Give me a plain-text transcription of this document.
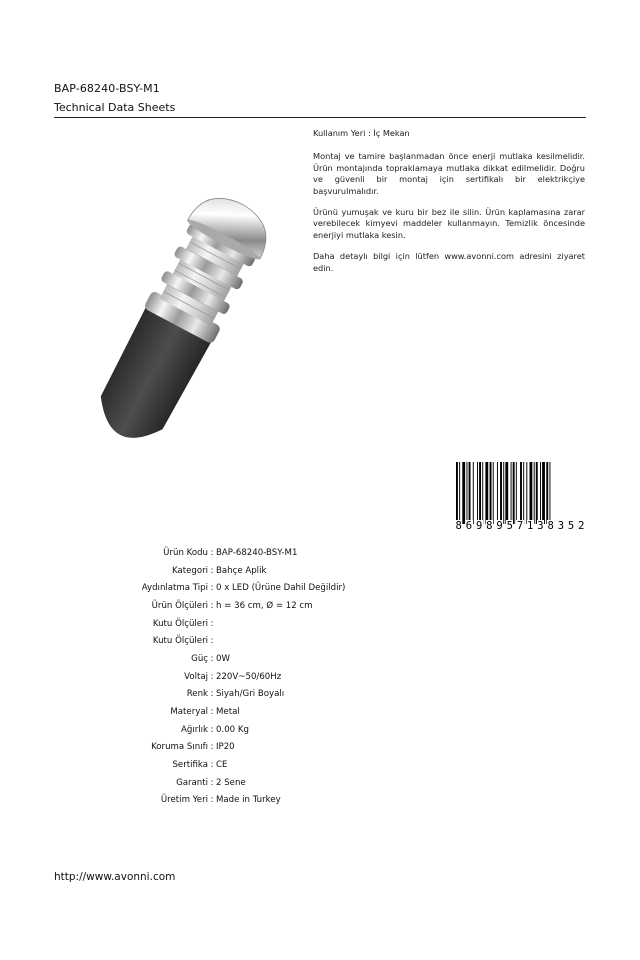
BAP-68240-BSY-M1
Technical Data Sheets

Kullanım Yeri : İç Mekan

Montaj ve tamire başlanmadan önce enerji mutlaka kesilmelidir. Ürün montajında topraklamaya mutlaka dikkat edilmelidir. Doğru ve güvenli bir montaj için sertifikalı bir elektrikçiye başvurulmalıdır.

Ürünü yumuşak ve kuru bir bez ile silin. Ürün kaplamasına zarar verebilecek kimyevi maddeler kullanmayın. Temizlik öncesinde enerjiyi mutlaka kesin.

Daha detaylı bilgi için lütfen www.avonni.com adresini ziyaret edin.

8 6 9 8 9 5 7 1 3 8 3 5 2
Ürün Kodu : BAP-68240-BSY-M1
Kategori : Bahçe Aplik
Aydınlatma Tipi : 0 x LED (Ürüne Dahil Değildir)
Ürün Ölçüleri : h = 36 cm, Ø = 12 cm
Kutu Ölçüleri :
Kutu Ölçüleri :
Güç : 0W
Voltaj : 220V~50/60Hz
Renk : Siyah/Gri Boyalı
Materyal : Metal
Ağırlık : 0.00 Kg
Koruma Sınıfı : IP20
Sertifika : CE
Garanti : 2 Sene
Üretim Yeri : Made in Turkey
http://www.avonni.com
